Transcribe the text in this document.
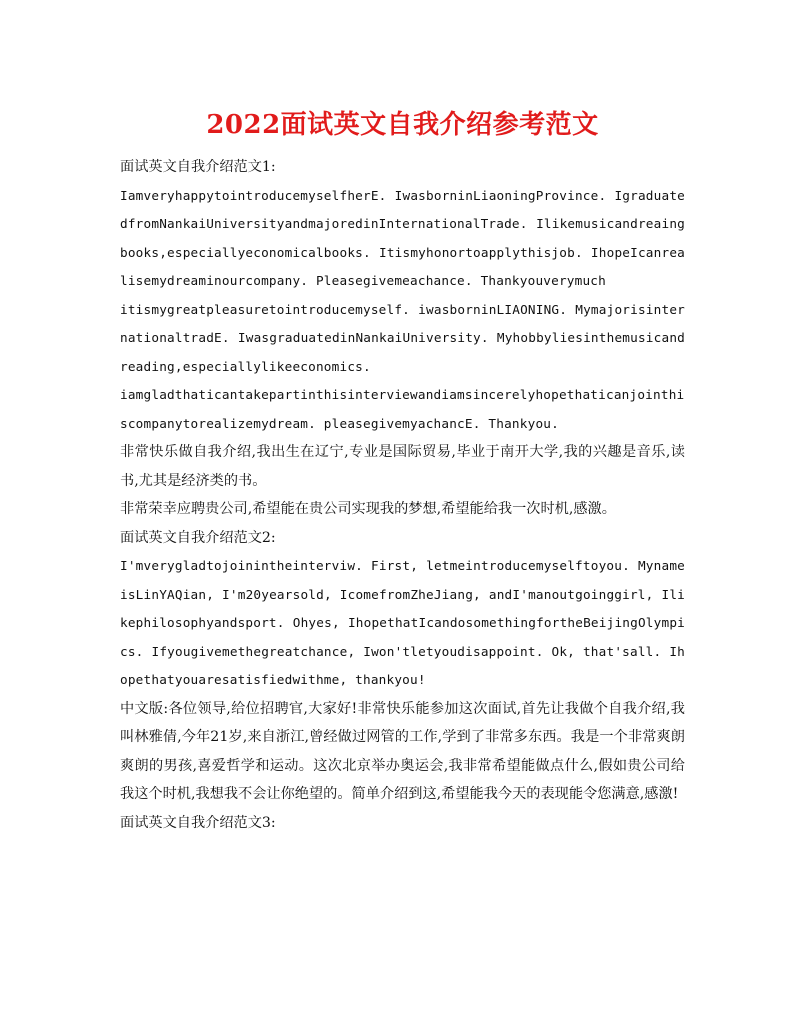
2022面试英文自我介绍参考范文

面试英文自我介绍范文1:

IamveryhappytointroducemyselfherE. IwasborninLiaoningProvince. IgraduatedfromNankaiUniversityandmajoredinInternationalTrade. Ilikemusicandreaingbooks,especiallyeconomicalbooks. Itismyhonortoapplythisjob. IhopeIcanrealisemydreaminourcompany. Pleasegivemeachance. Thankyouverymuch

itismygreatpleasuretointroducemyself. iwasborninLIAONING. MymajorisinternationaltradE. IwasgraduatedinNankaiUniversity. Myhobbyliesinthemusicandreading,especiallylikeeconomics.

iamgladthaticantakepartinthisinterviewandiamsincerelyhopethaticanjointhiscompanytorealizemydream. pleasegivemyachancE. Thankyou.

非常快乐做自我介绍,我出生在辽宁,专业是国际贸易,毕业于南开大学,我的兴趣是音乐,读书,尤其是经济类的书。

非常荣幸应聘贵公司,希望能在贵公司实现我的梦想,希望能给我一次时机,感激。

面试英文自我介绍范文2:

I'mverygladtojoinintheinterviw. First, letmeintroducemyselftoyou. MynameisLinYAQian, I'm20yearsold, IcomefromZheJiang, andI'manoutgoinggirl, Ilikephilosophyandsport. Ohyes, IhopethatIcandosomethingfortheBeijingOlympics. Ifyougivemethegreatchance, Iwon'tletyoudisappoint. Ok, that'sall. Ihopethatyouaresatisfiedwithme, thankyou!

中文版:各位领导,给位招聘官,大家好!非常快乐能参加这次面试,首先让我做个自我介绍,我叫林雅倩,今年21岁,来自浙江,曾经做过网管的工作,学到了非常多东西。我是一个非常爽朗爽朗的男孩,喜爱哲学和运动。这次北京举办奥运会,我非常希望能做点什么,假如贵公司给我这个时机,我想我不会让你绝望的。简单介绍到这,希望能我今天的表现能令您满意,感激!

面试英文自我介绍范文3:
